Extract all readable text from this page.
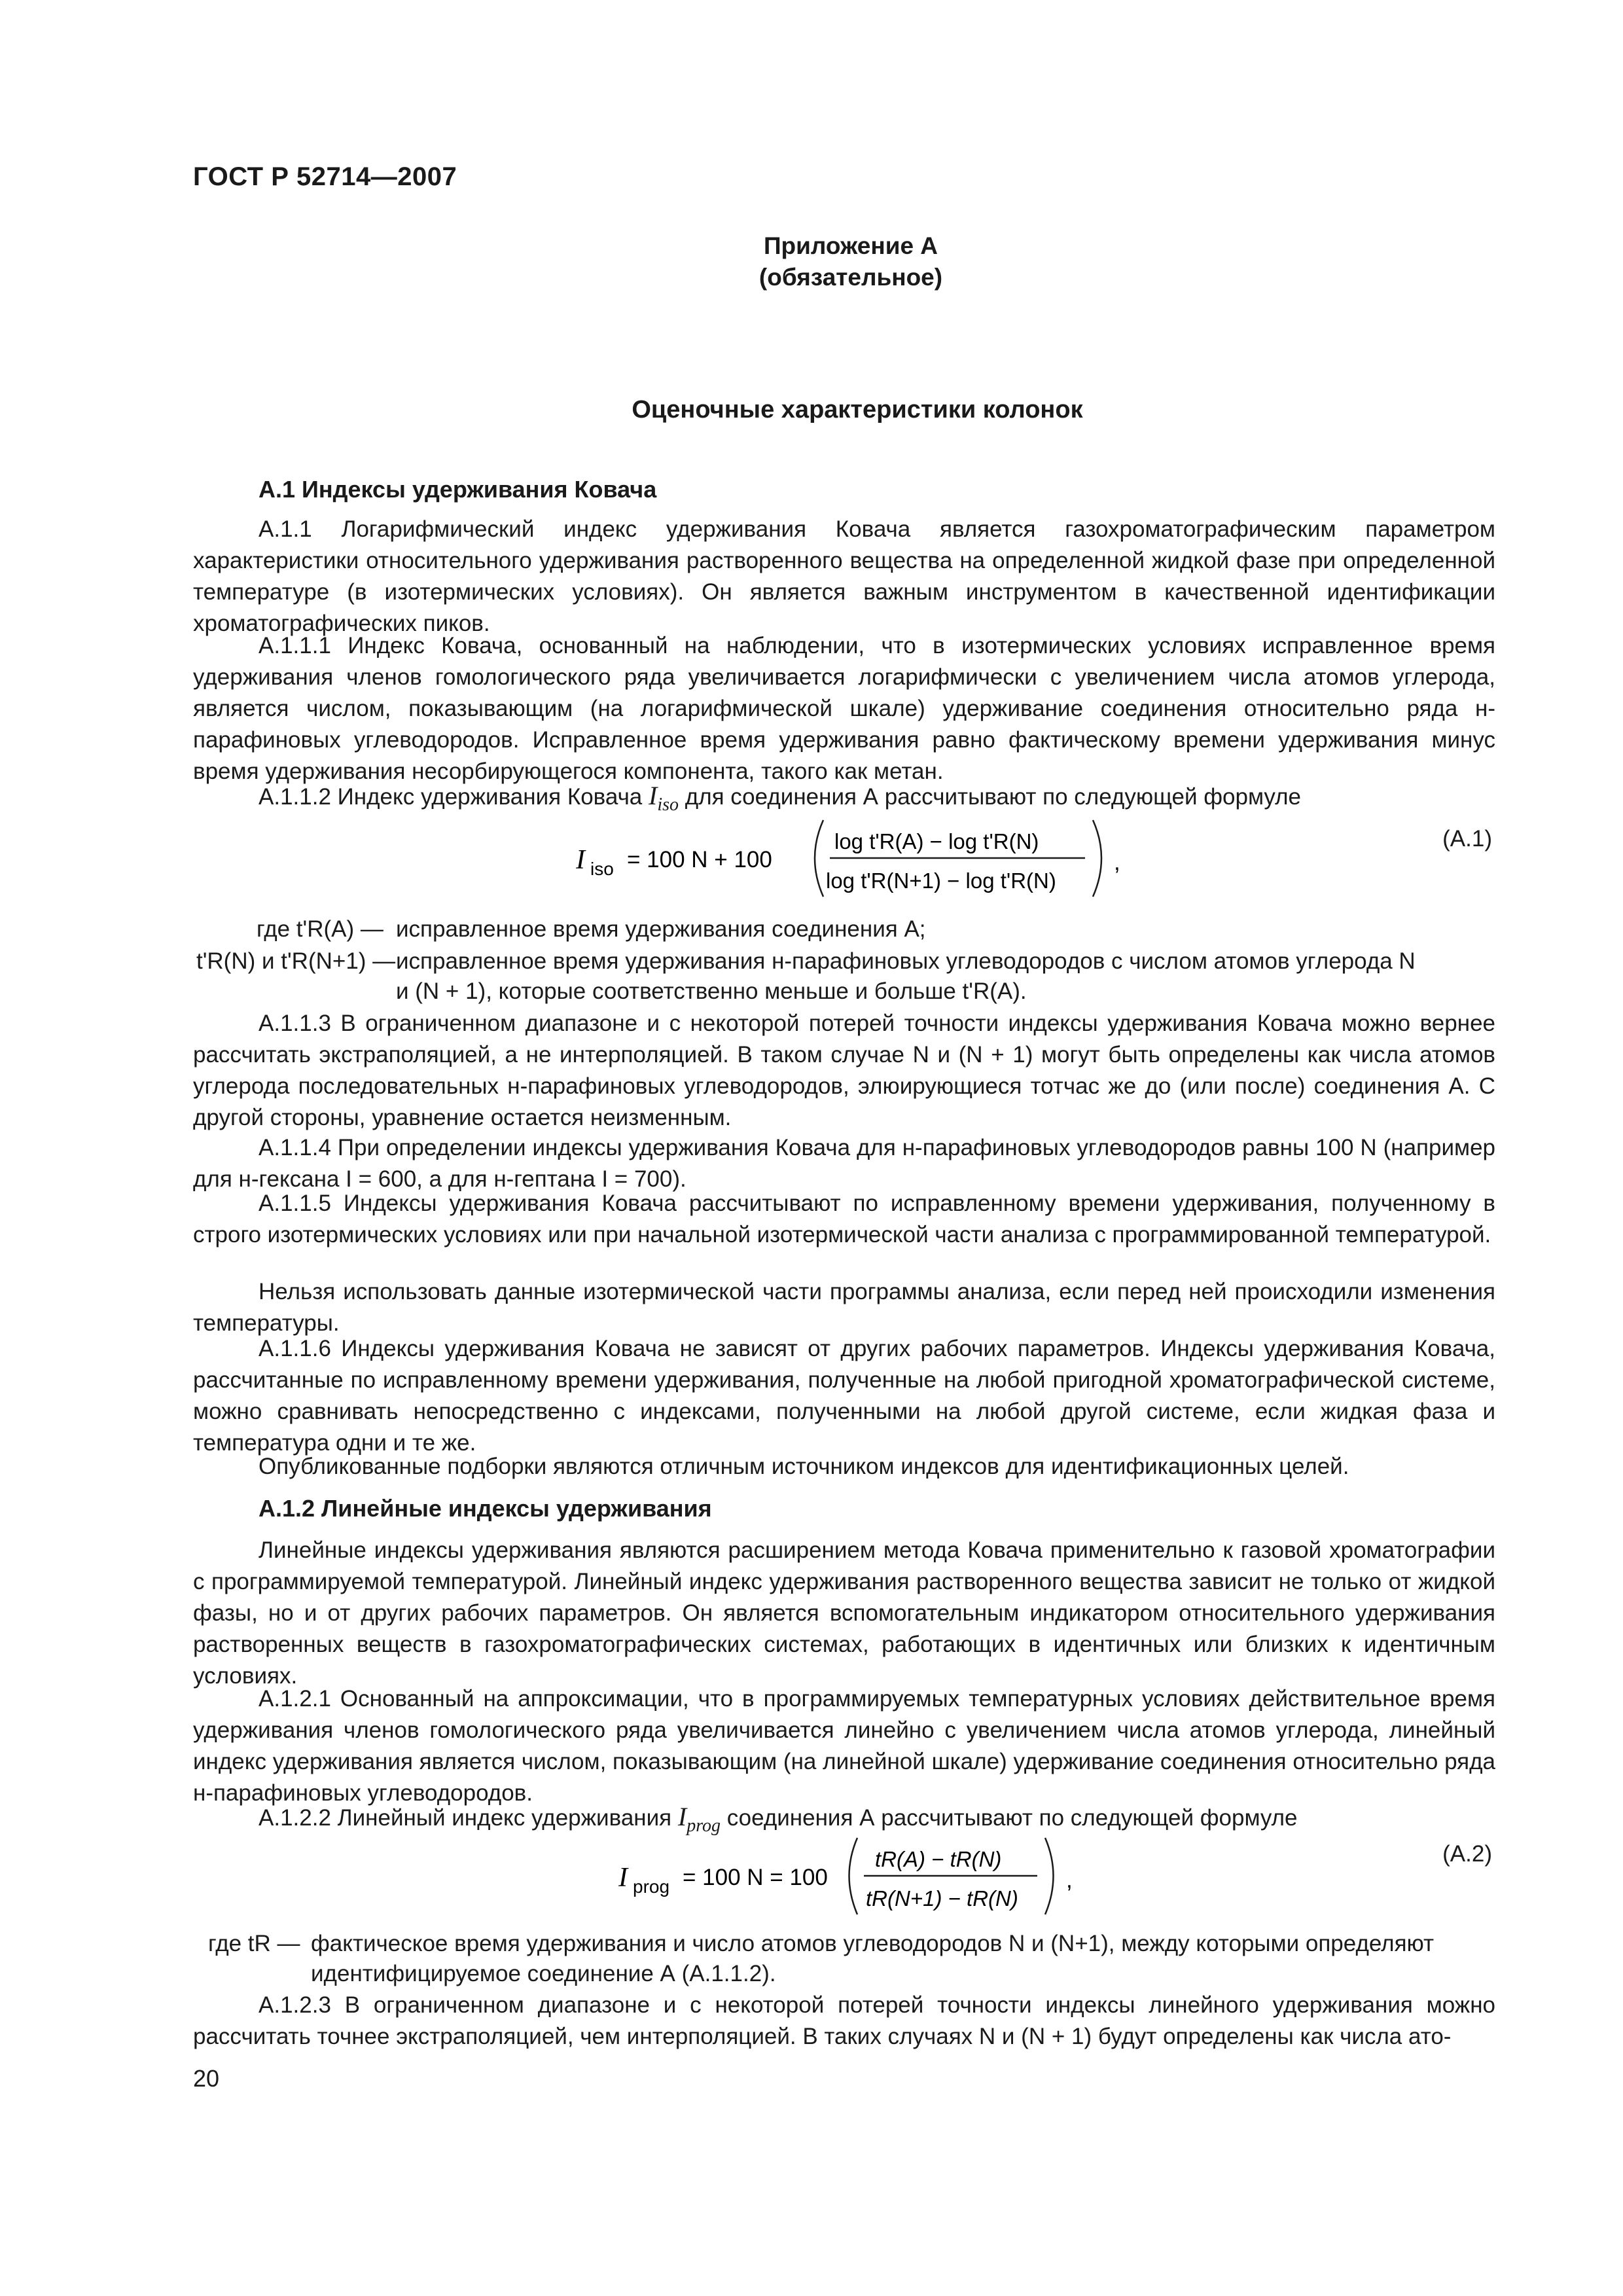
ГОСТ Р 52714—2007
Приложение А
(обязательное)
Оценочные характеристики колонок
А.1 Индексы удерживания Ковача
А.1.1 Логарифмический индекс удерживания Ковача является газохроматографическим параметром характеристики относительного удерживания растворенного вещества на определенной жидкой фазе при определенной температуре (в изотермических условиях). Он является важным инструментом в качественной идентификации хроматографических пиков.
А.1.1.1 Индекс Ковача, основанный на наблюдении, что в изотермических условиях исправленное время удерживания членов гомологического ряда увеличивается логарифмически с увеличением числа атомов углерода, является числом, показывающим (на логарифмической шкале) удерживание соединения относительно ряда н-парафиновых углеводородов. Исправленное время удерживания равно фактическому времени удерживания минус время удерживания несорбирующегося компонента, такого как метан.
А.1.1.2 Индекс удерживания Ковача $I_{iso}$ для соединения А рассчитывают по следующей формуле
I iso = 100 N + 100
log t'R(A) − log t'R(N)
log t'R(N+1) − log t'R(N)
,
(А.1)
где t'R(A) — исправленное время удерживания соединения А;
t'R(N) и t'R(N+1) — исправленное время удерживания н-парафиновых углеводородов с числом атомов углерода N
и (N + 1), которые соответственно меньше и больше t'R(A).
А.1.1.3 В ограниченном диапазоне и с некоторой потерей точности индексы удерживания Ковача можно вернее рассчитать экстраполяцией, а не интерполяцией. В таком случае N и (N + 1) могут быть определены как числа атомов углерода последовательных н-парафиновых углеводородов, элюирующиеся тотчас же до (или после) соединения А. С другой стороны, уравнение остается неизменным.
А.1.1.4 При определении индексы удерживания Ковача для н-парафиновых углеводородов равны 100 N (например для н-гексана I = 600, а для н-гептана I = 700).
А.1.1.5 Индексы удерживания Ковача рассчитывают по исправленному времени удерживания, полученному в строго изотермических условиях или при начальной изотермической части анализа с программированной температурой.
Нельзя использовать данные изотермической части программы анализа, если перед ней происходили изменения температуры.
А.1.1.6 Индексы удерживания Ковача не зависят от других рабочих параметров. Индексы удерживания Ковача, рассчитанные по исправленному времени удерживания, полученные на любой пригодной хроматографической системе, можно сравнивать непосредственно с индексами, полученными на любой другой системе, если жидкая фаза и температура одни и те же.
Опубликованные подборки являются отличным источником индексов для идентификационных целей.
А.1.2 Линейные индексы удерживания
Линейные индексы удерживания являются расширением метода Ковача применительно к газовой хроматографии с программируемой температурой. Линейный индекс удерживания растворенного вещества зависит не только от жидкой фазы, но и от других рабочих параметров. Он является вспомогательным индикатором относительного удерживания растворенных веществ в газохроматографических системах, работающих в идентичных или близких к идентичным условиях.
А.1.2.1 Основанный на аппроксимации, что в программируемых температурных условиях действительное время удерживания членов гомологического ряда увеличивается линейно с увеличением числа атомов углерода, линейный индекс удерживания является числом, показывающим (на линейной шкале) удерживание соединения относительно ряда н-парафиновых углеводородов.
А.1.2.2 Линейный индекс удерживания $I_{prog}$ соединения А рассчитывают по следующей формуле
I prog = 100 N = 100
tR(A) − tR(N)
tR(N+1) − tR(N)
,
(А.2)
где tR — фактическое время удерживания и число атомов углеводородов N и (N+1), между которыми определяют
идентифицируемое соединение А (А.1.1.2).
А.1.2.3 В ограниченном диапазоне и с некоторой потерей точности индексы линейного удерживания можно рассчитать точнее экстраполяцией, чем интерполяцией. В таких случаях N и (N + 1) будут определены как числа ато-
20
